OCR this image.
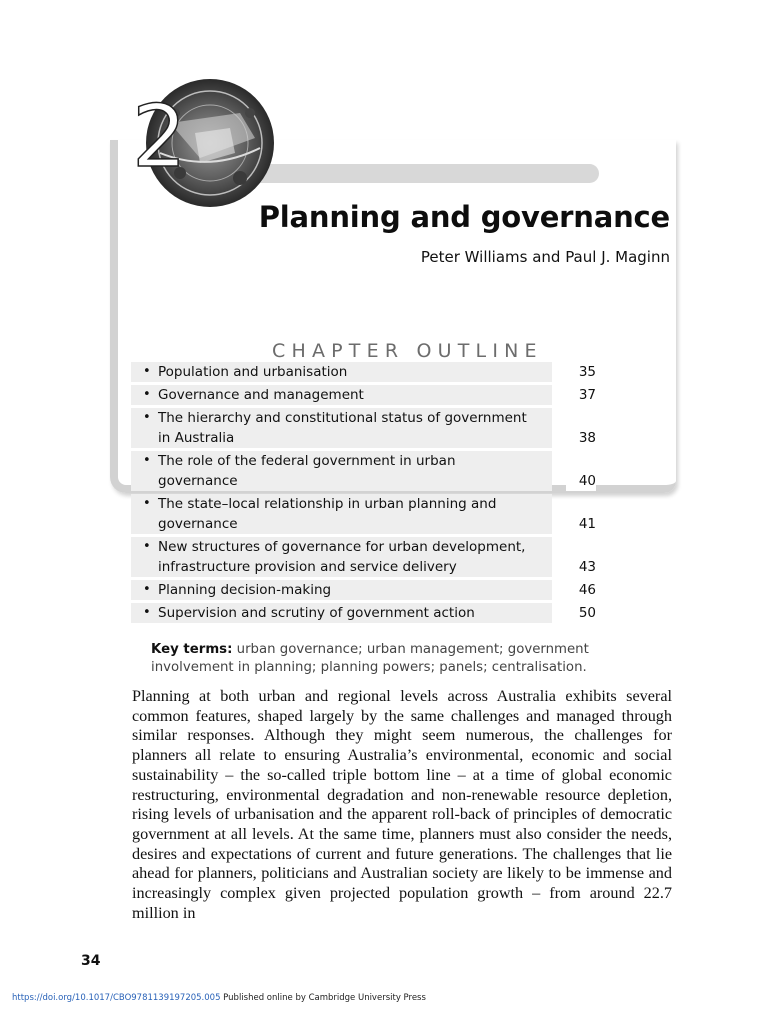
2
Planning and governance
Peter Williams and Paul J. Maginn
CHAPTER OUTLINE
• Population and urbanisation	35
• Governance and management	37
• The hierarchy and constitutional status of government in Australia	38
• The role of the federal government in urban governance	40
• The state–local relationship in urban planning and governance	41
• New structures of governance for urban development, infrastructure provision and service delivery	43
• Planning decision-making	46
• Supervision and scrutiny of government action	50
Key terms: urban governance; urban management; government involvement in planning; planning powers; panels; centralisation.

Planning at both urban and regional levels across Australia exhibits several common features, shaped largely by the same challenges and managed through similar responses. Although they might seem numerous, the challenges for planners all relate to ensuring Australia’s environmental, economic and social sustainability – the so-called triple bottom line – at a time of global economic restructuring, environmental degradation and non-renewable resource depletion, rising levels of urbanisation and the apparent roll-back of principles of democratic government at all levels. At the same time, planners must also consider the needs, desires and expectations of current and future generations. The challenges that lie ahead for planners, politicians and Australian society are likely to be immense and increasingly complex given projected population growth – from around 22.7 million in

34
https://doi.org/10.1017/CBO9781139197205.005 Published online by Cambridge University Press
